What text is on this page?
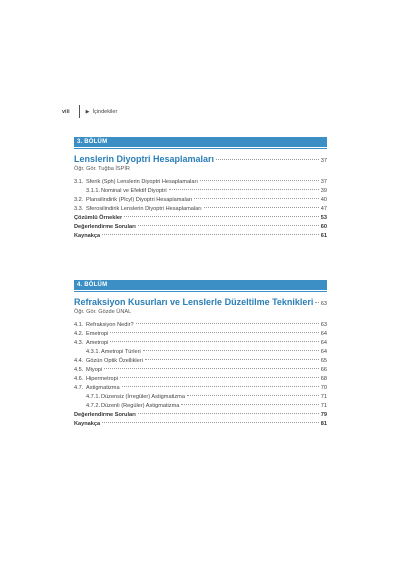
viii	▶ İçindekiler
3. BÖLÜM
Lenslerin Diyoptri Hesaplamaları	37
Öğr. Gör. Tuğba İSPİR
3.1. Sferik (Sph) Lenslerin Diyoptri Hesaplamaları	37
3.1.1. Nominal ve Efektif Diyoptri	39
3.2. Plansilindirik (Plcyl) Diyoptri Hesaplamaları	40
3.3. Sferosilindirik Lenslerin Diyoptri Hesaplamaları	47
Çözümlü Örnekler	53
Değerlendirme Soruları	60
Kaynakça	61
4. BÖLÜM
Refraksiyon Kusurları ve Lenslerle Düzeltilme Teknikleri 63
Öğr. Gör. Gözde ÜNAL
4.1. Refraksiyon Nedir?	63
4.2. Emetropi	64
4.3. Ametropi	64
4.3.1. Ametropi Türleri	64
4.4. Gözün Optik Özellikleri	65
4.5. Miyopi	66
4.6. Hipermetropi	68
4.7. Astigmatizma	70
4.7.1. Düzensiz (İrregüler) Astigmatizma	71
4.7.2. Düzenli (Regüler) Astigmatizma	71
Değerlendirme Soruları	79
Kaynakça	81
